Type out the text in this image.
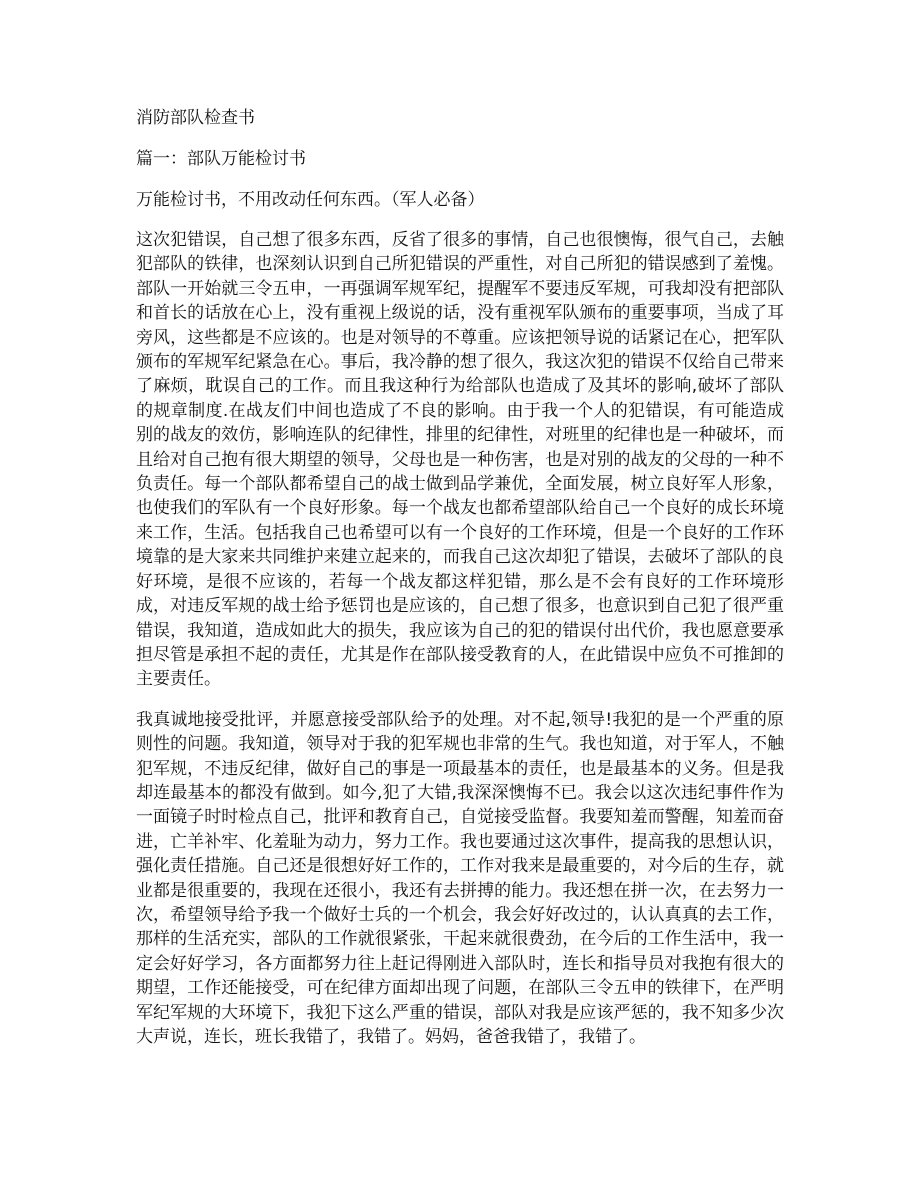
消防部队检查书
篇一：部队万能检讨书
万能检讨书，不用改动任何东西。（军人必备）
这次犯错误，自己想了很多东西，反省了很多的事情，自己也很懊悔，很气自己，去触犯部队的铁律，也深刻认识到自己所犯错误的严重性，对自己所犯的错误感到了羞愧。部队一开始就三令五申，一再强调军规军纪，提醒军不要违反军规，可我却没有把部队和首长的话放在心上，没有重视上级说的话，没有重视军队颁布的重要事项，当成了耳旁风，这些都是不应该的。也是对领导的不尊重。应该把领导说的话紧记在心，把军队颁布的军规军纪紧急在心。事后，我冷静的想了很久，我这次犯的错误不仅给自己带来了麻烦，耽误自己的工作。而且我这种行为给部队也造成了及其坏的影响,破坏了部队的规章制度.在战友们中间也造成了不良的影响。由于我一个人的犯错误，有可能造成别的战友的效仿，影响连队的纪律性，排里的纪律性，对班里的纪律也是一种破坏，而且给对自己抱有很大期望的领导，父母也是一种伤害，也是对别的战友的父母的一种不负责任。每一个部队都希望自己的战士做到品学兼优，全面发展，树立良好军人形象，也使我们的军队有一个良好形象。每一个战友也都希望部队给自己一个良好的成长环境来工作，生活。包括我自己也希望可以有一个良好的工作环境，但是一个良好的工作环境靠的是大家来共同维护来建立起来的，而我自己这次却犯了错误，去破坏了部队的良好环境，是很不应该的，若每一个战友都这样犯错，那么是不会有良好的工作环境形成，对违反军规的战士给予惩罚也是应该的，自己想了很多，也意识到自己犯了很严重错误，我知道，造成如此大的损失，我应该为自己的犯的错误付出代价，我也愿意要承担尽管是承担不起的责任，尤其是作在部队接受教育的人，在此错误中应负不可推卸的主要责任。
我真诚地接受批评，并愿意接受部队给予的处理。对不起,领导!我犯的是一个严重的原则性的问题。我知道，领导对于我的犯军规也非常的生气。我也知道，对于军人，不触犯军规，不违反纪律，做好自己的事是一项最基本的责任，也是最基本的义务。但是我却连最基本的都没有做到。如今,犯了大错,我深深懊悔不已。我会以这次违纪事件作为一面镜子时时检点自己，批评和教育自己，自觉接受监督。我要知羞而警醒，知羞而奋进，亡羊补牢、化羞耻为动力，努力工作。我也要通过这次事件，提高我的思想认识，强化责任措施。自己还是很想好好工作的，工作对我来是最重要的，对今后的生存，就业都是很重要的，我现在还很小，我还有去拼搏的能力。我还想在拼一次，在去努力一次，希望领导给予我一个做好士兵的一个机会，我会好好改过的，认认真真的去工作，那样的生活充实，部队的工作就很紧张，干起来就很费劲，在今后的工作生活中，我一定会好好学习，各方面都努力往上赶记得刚进入部队时，连长和指导员对我抱有很大的期望，工作还能接受，可在纪律方面却出现了问题，在部队三令五申的铁律下，在严明军纪军规的大环境下，我犯下这么严重的错误，部队对我是应该严惩的，我不知多少次大声说，连长，班长我错了，我错了。妈妈，爸爸我错了，我错了。
